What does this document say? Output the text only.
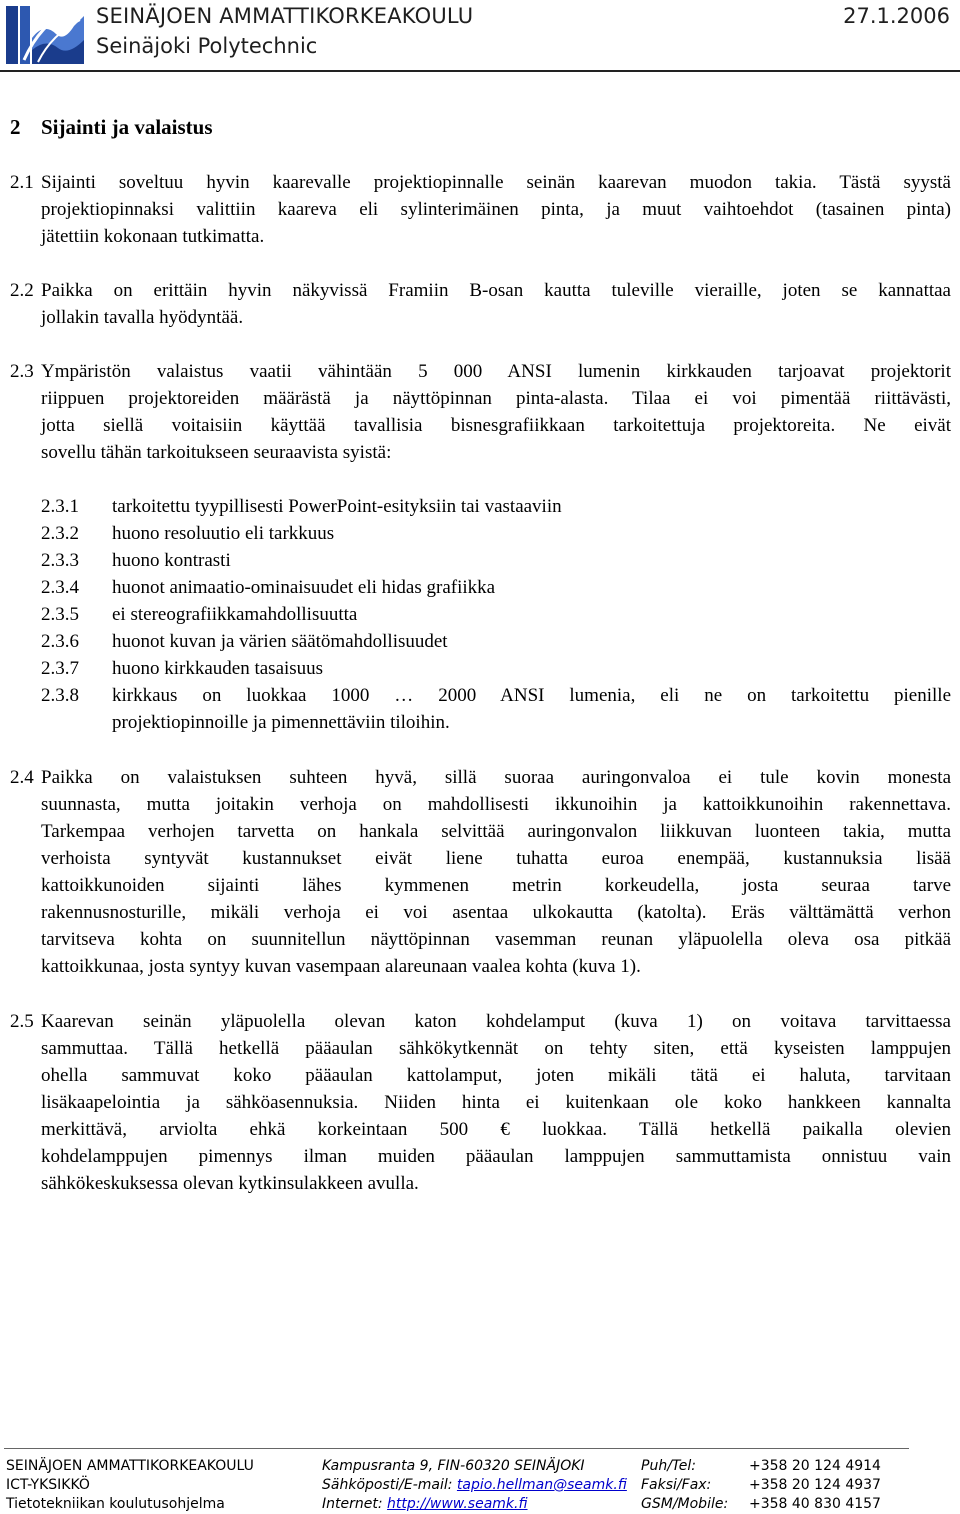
SEINÄJOEN AMMATTIKORKEAKOULU
Seinäjoki Polytechnic
27.1.2006
2 Sijainti ja valaistus
2.1 Sijainti soveltuu hyvin kaarevalle projektiopinnalle seinän kaarevan muodon takia. Tästä syystä
projektiopinnaksi valittiin kaareva eli sylinterimäinen pinta, ja muut vaihtoehdot (tasainen pinta)
jätettiin kokonaan tutkimatta.
2.2 Paikka on erittäin hyvin näkyvissä Framiin B-osan kautta tuleville vieraille, joten se kannattaa
jollakin tavalla hyödyntää.
2.3 Ympäristön valaistus vaatii vähintään 5 000 ANSI lumenin kirkkauden tarjoavat projektorit
riippuen projektoreiden määrästä ja näyttöpinnan pinta-alasta. Tilaa ei voi pimentää riittävästi,
jotta siellä voitaisiin käyttää tavallisia bisnesgrafiikkaan tarkoitettuja projektoreita. Ne eivät
sovellu tähän tarkoitukseen seuraavista syistä:
2.3.1 tarkoitettu tyypillisesti PowerPoint-esityksiin tai vastaaviin
2.3.2 huono resoluutio eli tarkkuus
2.3.3 huono kontrasti
2.3.4 huonot animaatio-ominaisuudet eli hidas grafiikka
2.3.5 ei stereografiikkamahdollisuutta
2.3.6 huonot kuvan ja värien säätömahdollisuudet
2.3.7 huono kirkkauden tasaisuus
2.3.8 kirkkaus on luokkaa 1000 … 2000 ANSI lumenia, eli ne on tarkoitettu pienille
projektiopinnoille ja pimennettäviin tiloihin.
2.4 Paikka on valaistuksen suhteen hyvä, sillä suoraa auringonvaloa ei tule kovin monesta
suunnasta, mutta joitakin verhoja on mahdollisesti ikkunoihin ja kattoikkunoihin rakennettava.
Tarkempaa verhojen tarvetta on hankala selvittää auringonvalon liikkuvan luonteen takia, mutta
verhoista syntyvät kustannukset eivät liene tuhatta euroa enempää, kustannuksia lisää
kattoikkunoiden sijainti lähes kymmenen metrin korkeudella, josta seuraa tarve
rakennusnosturille, mikäli verhoja ei voi asentaa ulkokautta (katolta). Eräs välttämättä verhon
tarvitseva kohta on suunnitellun näyttöpinnan vasemman reunan yläpuolella oleva osa pitkää
kattoikkunaa, josta syntyy kuvan vasempaan alareunaan vaalea kohta (kuva 1).
2.5 Kaarevan seinän yläpuolella olevan katon kohdelamput (kuva 1) on voitava tarvittaessa
sammuttaa. Tällä hetkellä pääaulan sähkökytkennät on tehty siten, että kyseisten lamppujen
ohella sammuvat koko pääaulan kattolamput, joten mikäli tätä ei haluta, tarvitaan
lisäkaapelointia ja sähköasennuksia. Niiden hinta ei kuitenkaan ole koko hankkeen kannalta
merkittävä, arviolta ehkä korkeintaan 500 € luokkaa. Tällä hetkellä paikalla olevien
kohdelamppujen pimennys ilman muiden pääaulan lamppujen sammuttamista onnistuu vain
sähkökeskuksessa olevan kytkinsulakkeen avulla.
SEINÄJOEN AMMATTIKORKEAKOULU
ICT-YKSIKKÖ
Tietotekniikan koulutusohjelma
Kampusranta 9, FIN-60320 SEINÄJOKI
Sähköposti/E-mail: tapio.hellman@seamk.fi
Internet: http://www.seamk.fi
Puh/Tel:
Faksi/Fax:
GSM/Mobile:
+358 20 124 4914
+358 20 124 4937
+358 40 830 4157
